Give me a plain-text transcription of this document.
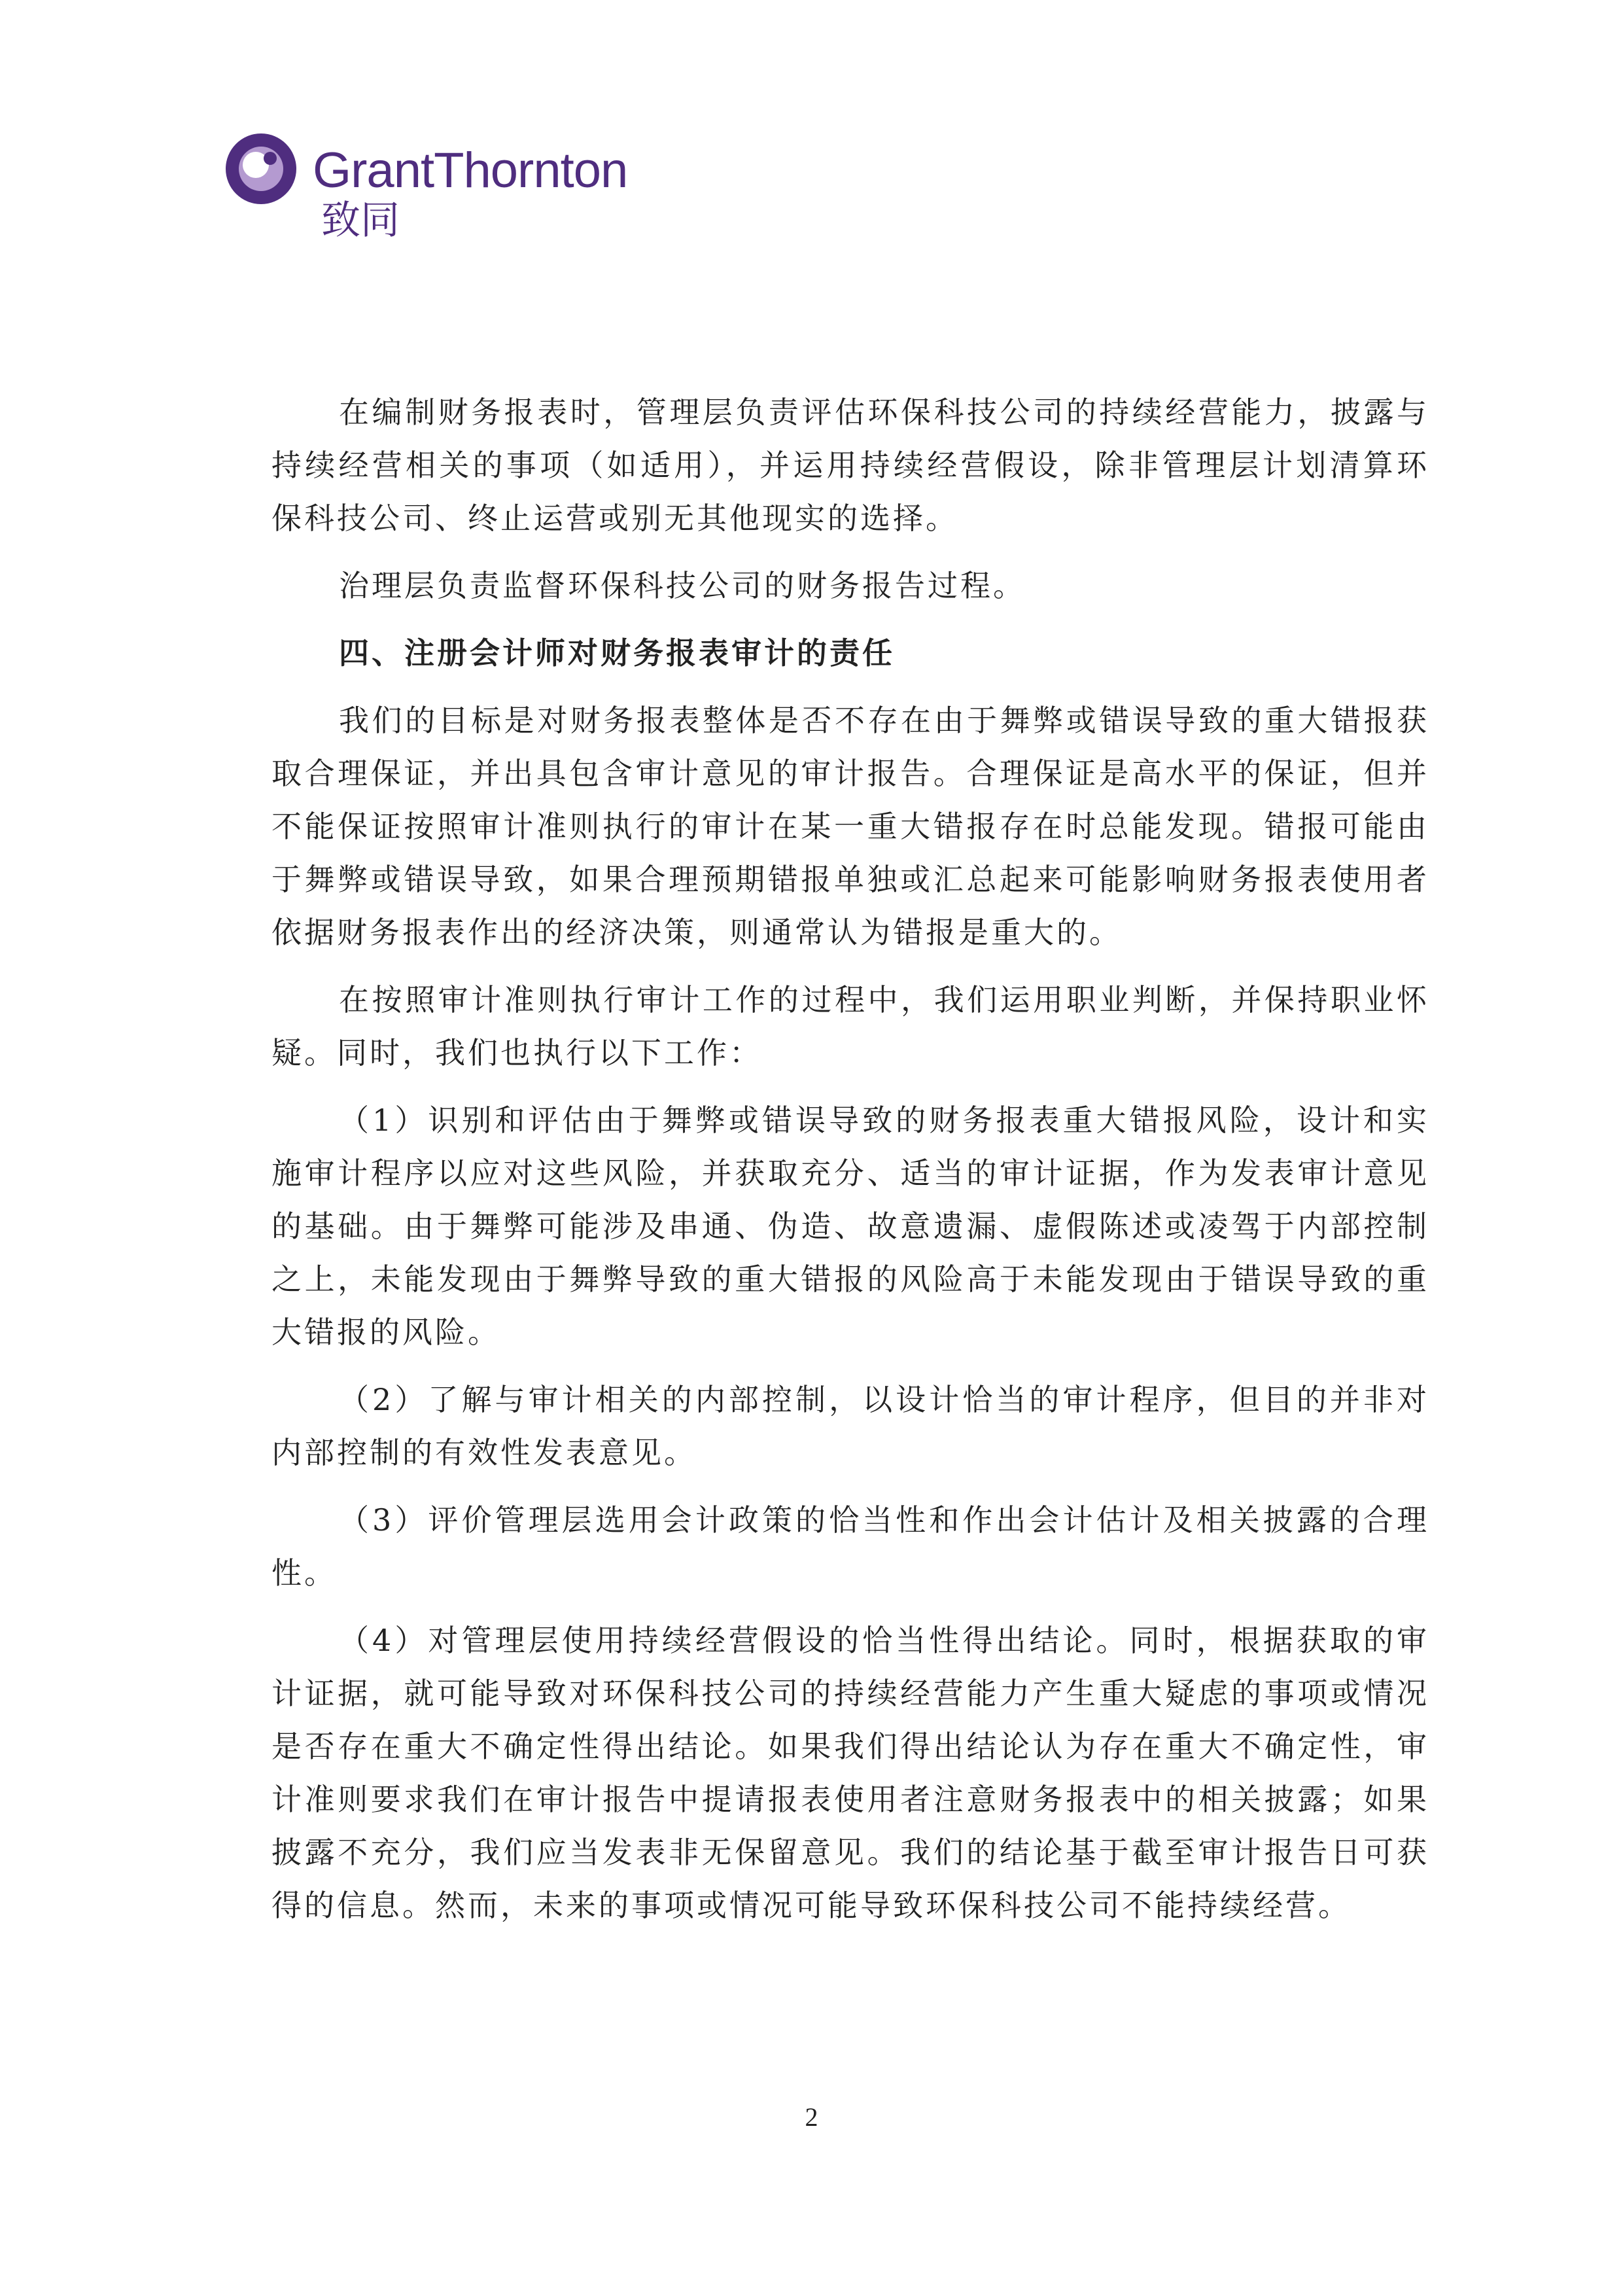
GrantThornton
致同

在编制财务报表时，管理层负责评估环保科技公司的持续经营能力，披露与持续经营相关的事项（如适用），并运用持续经营假设，除非管理层计划清算环保科技公司、终止运营或别无其他现实的选择。

治理层负责监督环保科技公司的财务报告过程。

四、注册会计师对财务报表审计的责任

我们的目标是对财务报表整体是否不存在由于舞弊或错误导致的重大错报获取合理保证，并出具包含审计意见的审计报告。合理保证是高水平的保证，但并不能保证按照审计准则执行的审计在某一重大错报存在时总能发现。错报可能由于舞弊或错误导致，如果合理预期错报单独或汇总起来可能影响财务报表使用者依据财务报表作出的经济决策，则通常认为错报是重大的。

在按照审计准则执行审计工作的过程中，我们运用职业判断，并保持职业怀疑。同时，我们也执行以下工作：

（1）识别和评估由于舞弊或错误导致的财务报表重大错报风险，设计和实施审计程序以应对这些风险，并获取充分、适当的审计证据，作为发表审计意见的基础。由于舞弊可能涉及串通、伪造、故意遗漏、虚假陈述或凌驾于内部控制之上，未能发现由于舞弊导致的重大错报的风险高于未能发现由于错误导致的重大错报的风险。

（2）了解与审计相关的内部控制，以设计恰当的审计程序，但目的并非对内部控制的有效性发表意见。

（3）评价管理层选用会计政策的恰当性和作出会计估计及相关披露的合理性。

（4）对管理层使用持续经营假设的恰当性得出结论。同时，根据获取的审计证据，就可能导致对环保科技公司的持续经营能力产生重大疑虑的事项或情况是否存在重大不确定性得出结论。如果我们得出结论认为存在重大不确定性，审计准则要求我们在审计报告中提请报表使用者注意财务报表中的相关披露；如果披露不充分，我们应当发表非无保留意见。我们的结论基于截至审计报告日可获得的信息。然而，未来的事项或情况可能导致环保科技公司不能持续经营。

2
